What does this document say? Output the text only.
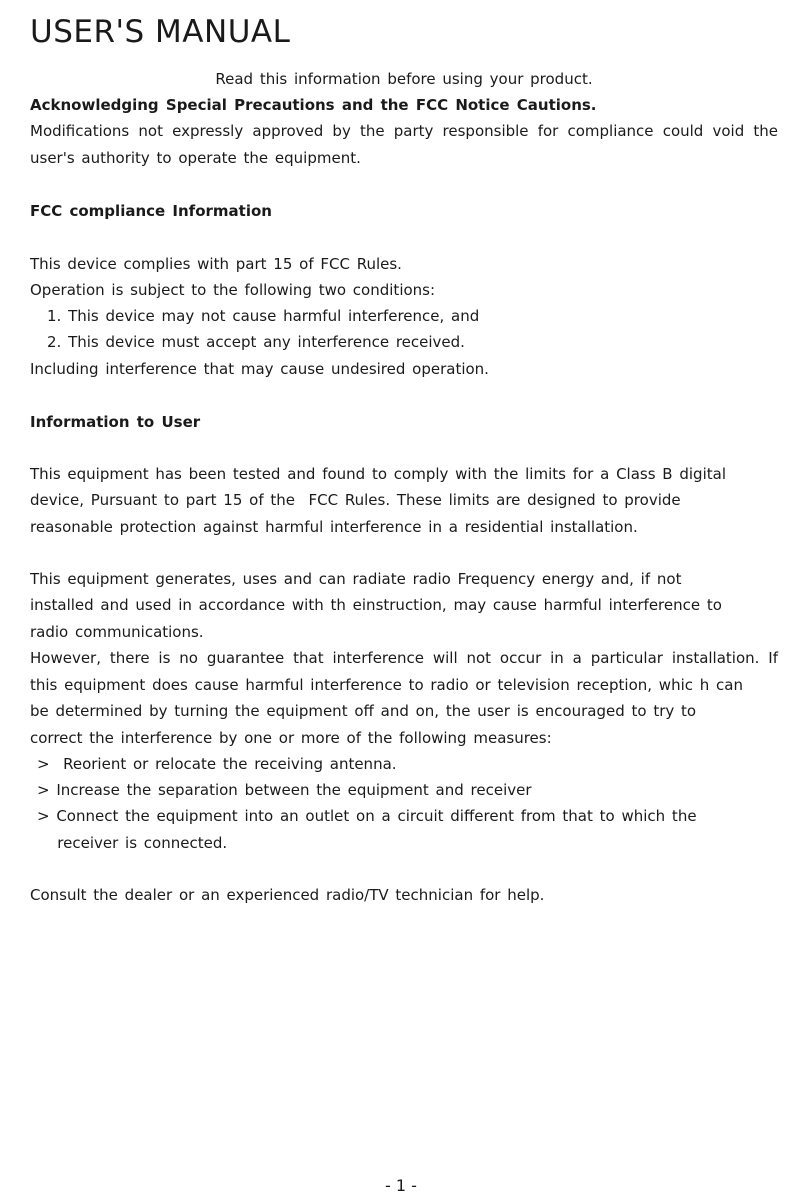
USER'S MANUAL

Read this information before using your product.

Acknowledging Special Precautions and the FCC Notice Cautions.

Modifications not expressly approved by the party responsible for compliance could void the

user's authority to operate the equipment.

FCC compliance Information

This device complies with part 15 of FCC Rules.

Operation is subject to the following two conditions:

1. This device may not cause harmful interference, and

2. This device must accept any interference received.

Including interference that may cause undesired operation.

Information to User

This equipment has been tested and found to comply with the limits for a Class B digital

device, Pursuant to part 15 of the  FCC Rules. These limits are designed to provide

reasonable protection against harmful interference in a residential installation.

This equipment generates, uses and can radiate radio Frequency energy and, if not

installed and used in accordance with th einstruction, may cause harmful interference to

radio communications.

However, there is no guarantee that interference will not occur in a particular installation. If

this equipment does cause harmful interference to radio or television reception, whic h can

be determined by turning the equipment off and on, the user is encouraged to try to

correct the interference by one or more of the following measures:

>  Reorient or relocate the receiving antenna.

> Increase the separation between the equipment and receiver

> Connect the equipment into an outlet on a circuit different from that to which the

receiver is connected.

Consult the dealer or an experienced radio/TV technician for help.

- 1 -
